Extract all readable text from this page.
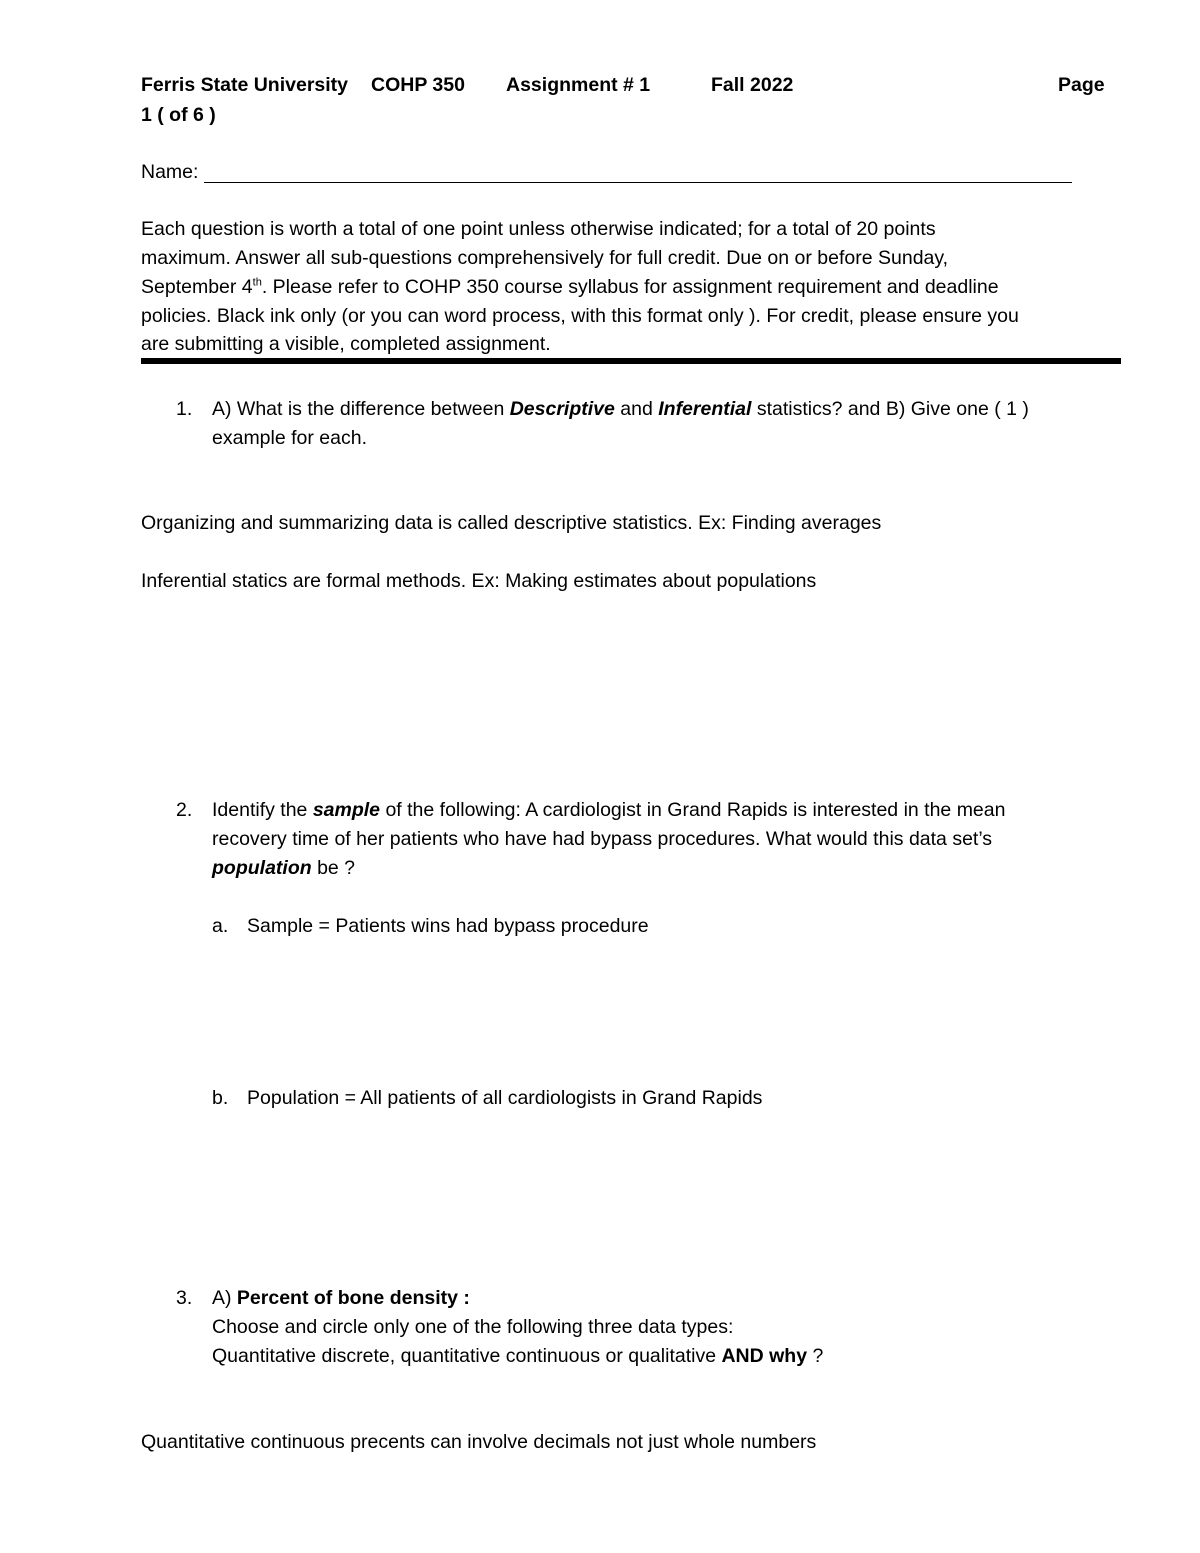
Ferris State University COHP 350 Assignment # 1	Fall 2022	Page
1 ( of 6 )
Name:
Each question is worth a total of one point unless otherwise indicated; for a total of 20 points
maximum. Answer all sub-questions comprehensively for full credit. Due on or before Sunday,
September 4th. Please refer to COHP 350 course syllabus for assignment requirement and deadline
policies. Black ink only (or you can word process, with this format only ). For credit, please ensure you
are submitting a visible, completed assignment.
1. A) What is the difference between Descriptive and Inferential statistics? and B) Give one ( 1 )
example for each.
Organizing and summarizing data is called descriptive statistics. Ex: Finding averages
Inferential statics are formal methods. Ex: Making estimates about populations
2. Identify the sample of the following: A cardiologist in Grand Rapids is interested in the mean
recovery time of her patients who have had bypass procedures. What would this data set’s
population be ?
a. Sample = Patients wins had bypass procedure
b. Population = All patients of all cardiologists in Grand Rapids
3. A) Percent of bone density :
Choose and circle only one of the following three data types:
Quantitative discrete, quantitative continuous or qualitative AND why ?
Quantitative continuous precents can involve decimals not just whole numbers
